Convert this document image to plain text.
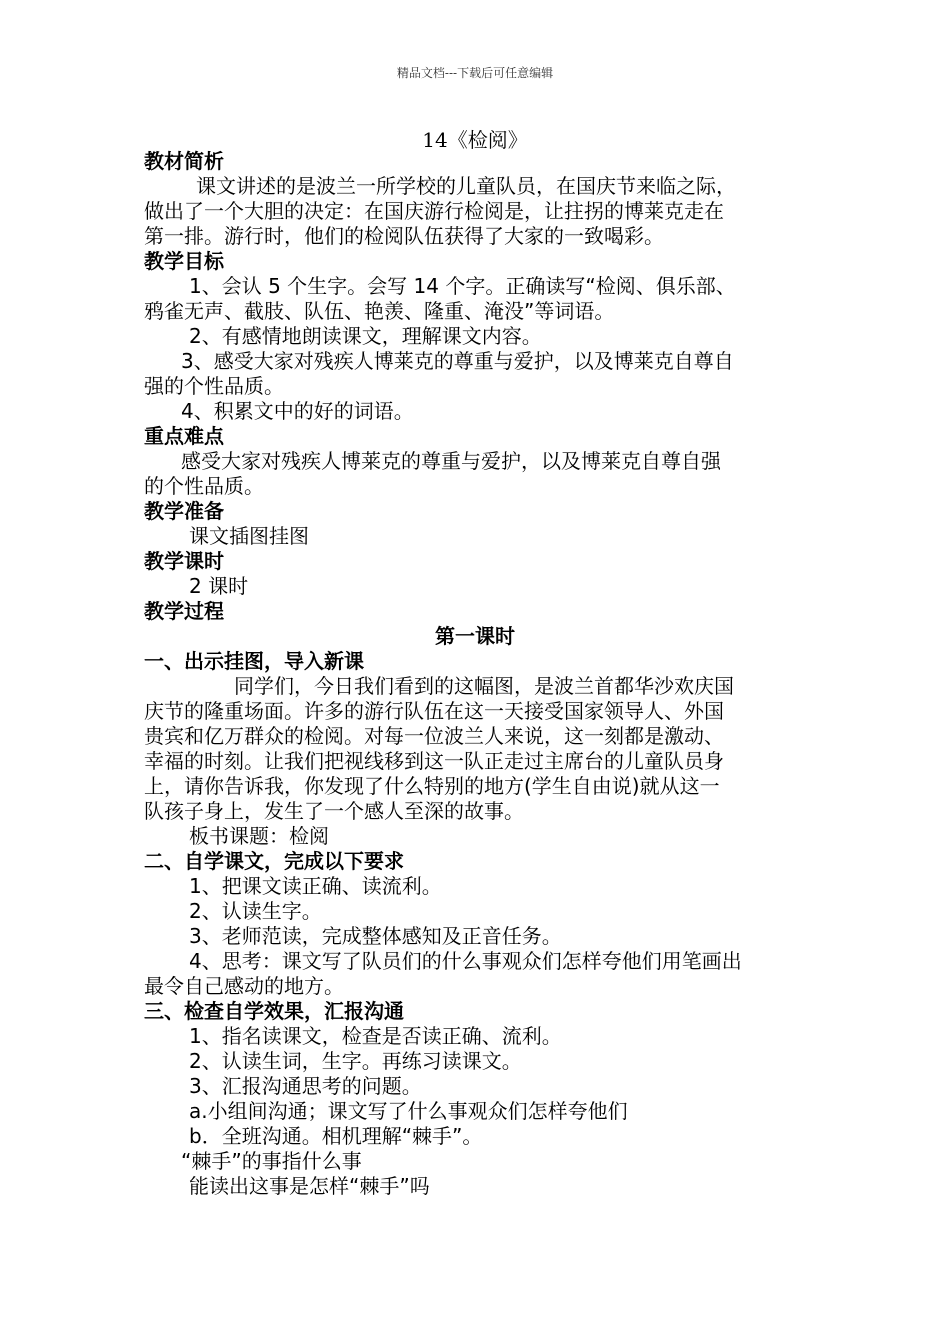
精品文档---下载后可任意编辑
14《检阅》
教材简析
课文讲述的是波兰一所学校的儿童队员，在国庆节来临之际，
做出了一个大胆的决定：在国庆游行检阅是，让拄拐的博莱克走在
第一排。游行时，他们的检阅队伍获得了大家的一致喝彩。
教学目标
1、会认 5 个生字。会写 14 个字。正确读写“检阅、俱乐部、
鸦雀无声、截肢、队伍、艳羡、隆重、淹没”等词语。
2、有感情地朗读课文，理解课文内容。
3、感受大家对残疾人博莱克的尊重与爱护，以及博莱克自尊自
强的个性品质。
4、积累文中的好的词语。
重点难点
感受大家对残疾人博莱克的尊重与爱护，以及博莱克自尊自强
的个性品质。
教学准备
课文插图挂图
教学课时
2 课时
教学过程
第一课时
一、出示挂图，导入新课
同学们，今日我们看到的这幅图，是波兰首都华沙欢庆国
庆节的隆重场面。许多的游行队伍在这一天接受国家领导人、外国
贵宾和亿万群众的检阅。对每一位波兰人来说，这一刻都是激动、
幸福的时刻。让我们把视线移到这一队正走过主席台的儿童队员身
上，请你告诉我，你发现了什么特别的地方(学生自由说)就从这一
队孩子身上，发生了一个感人至深的故事。
板书课题：检阅
二、自学课文，完成以下要求
1、把课文读正确、读流利。
2、认读生字。
3、老师范读，完成整体感知及正音任务。
4、思考：课文写了队员们的什么事观众们怎样夸他们用笔画出
最令自己感动的地方。
三、检查自学效果，汇报沟通
1、指名读课文，检查是否读正确、流利。
2、认读生词，生字。再练习读课文。
3、汇报沟通思考的问题。
a.小组间沟通；课文写了什么事观众们怎样夸他们
b．全班沟通。相机理解“棘手”。
“棘手”的事指什么事
能读出这事是怎样“棘手”吗
